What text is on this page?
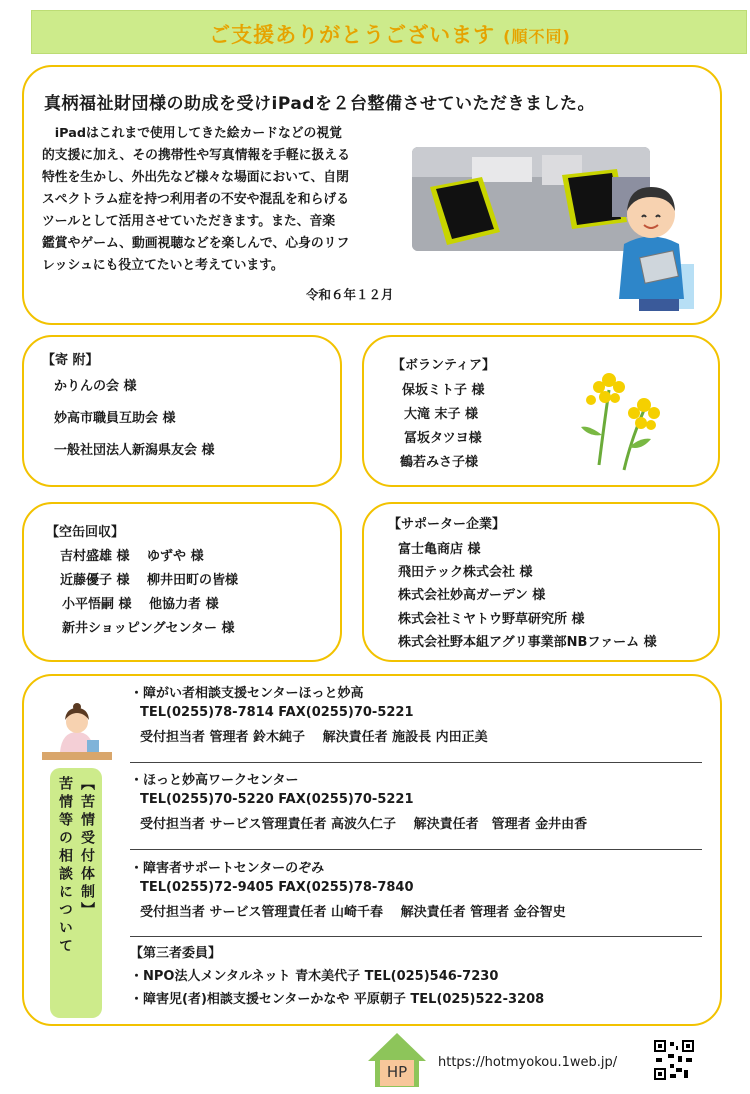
ご支援ありがとうございます (順不同)
真柄福祉財団様の助成を受けiPadを２台整備させていただきました。
　iPadはこれまで使用してきた絵カードなどの視覚
的支援に加え、その携帯性や写真情報を手軽に扱える
特性を生かし、外出先など様々な場面において、自閉
スペクトラム症を持つ利用者の不安や混乱を和らげる
ツールとして活用させていただきます。また、音楽
鑑賞やゲーム、動画視聴などを楽しんで、心身のリフ
レッシュにも役立てたいと考えています。
令和６年１２月
【寄 附】
かりんの会 様
妙高市職員互助会 様
一般社団法人新潟県友会 様
【ボランティア】
保坂ミト子 様
大滝 末子 様
冨坂タツヨ様
鶴若みさ子様
【空缶回収】
吉村盛雄 様　 ゆずや 様
近藤優子 様　 柳井田町の皆様
小平悟嗣 様　 他協力者 様
新井ショッピングセンター 様
【サポーター企業】
富士亀商店 様
飛田テック株式会社 様
株式会社妙高ガーデン 様
株式会社ミヤトウ野草研究所 様
株式会社野本組アグリ事業部NBファーム 様
【苦情受付体制】
苦情等の相談について
・障がい者相談支援センターほっと妙高
TEL(0255)78-7814 FAX(0255)70-5221
受付担当者 管理者 鈴木純子　 解決責任者 施設長 内田正美
・ほっと妙高ワークセンター
TEL(0255)70-5220 FAX(0255)70-5221
受付担当者 サービス管理責任者 高波久仁子　 解決責任者　管理者 金井由香
・障害者サポートセンターのぞみ
TEL(0255)72-9405 FAX(0255)78-7840
受付担当者 サービス管理責任者 山崎千春　 解決責任者 管理者 金谷智史
【第三者委員】
・NPO法人メンタルネット 青木美代子 TEL(025)546-7230
・障害児(者)相談支援センターかなや 平原朝子 TEL(025)522-3208
HP
https://hotmyokou.1web.jp/
